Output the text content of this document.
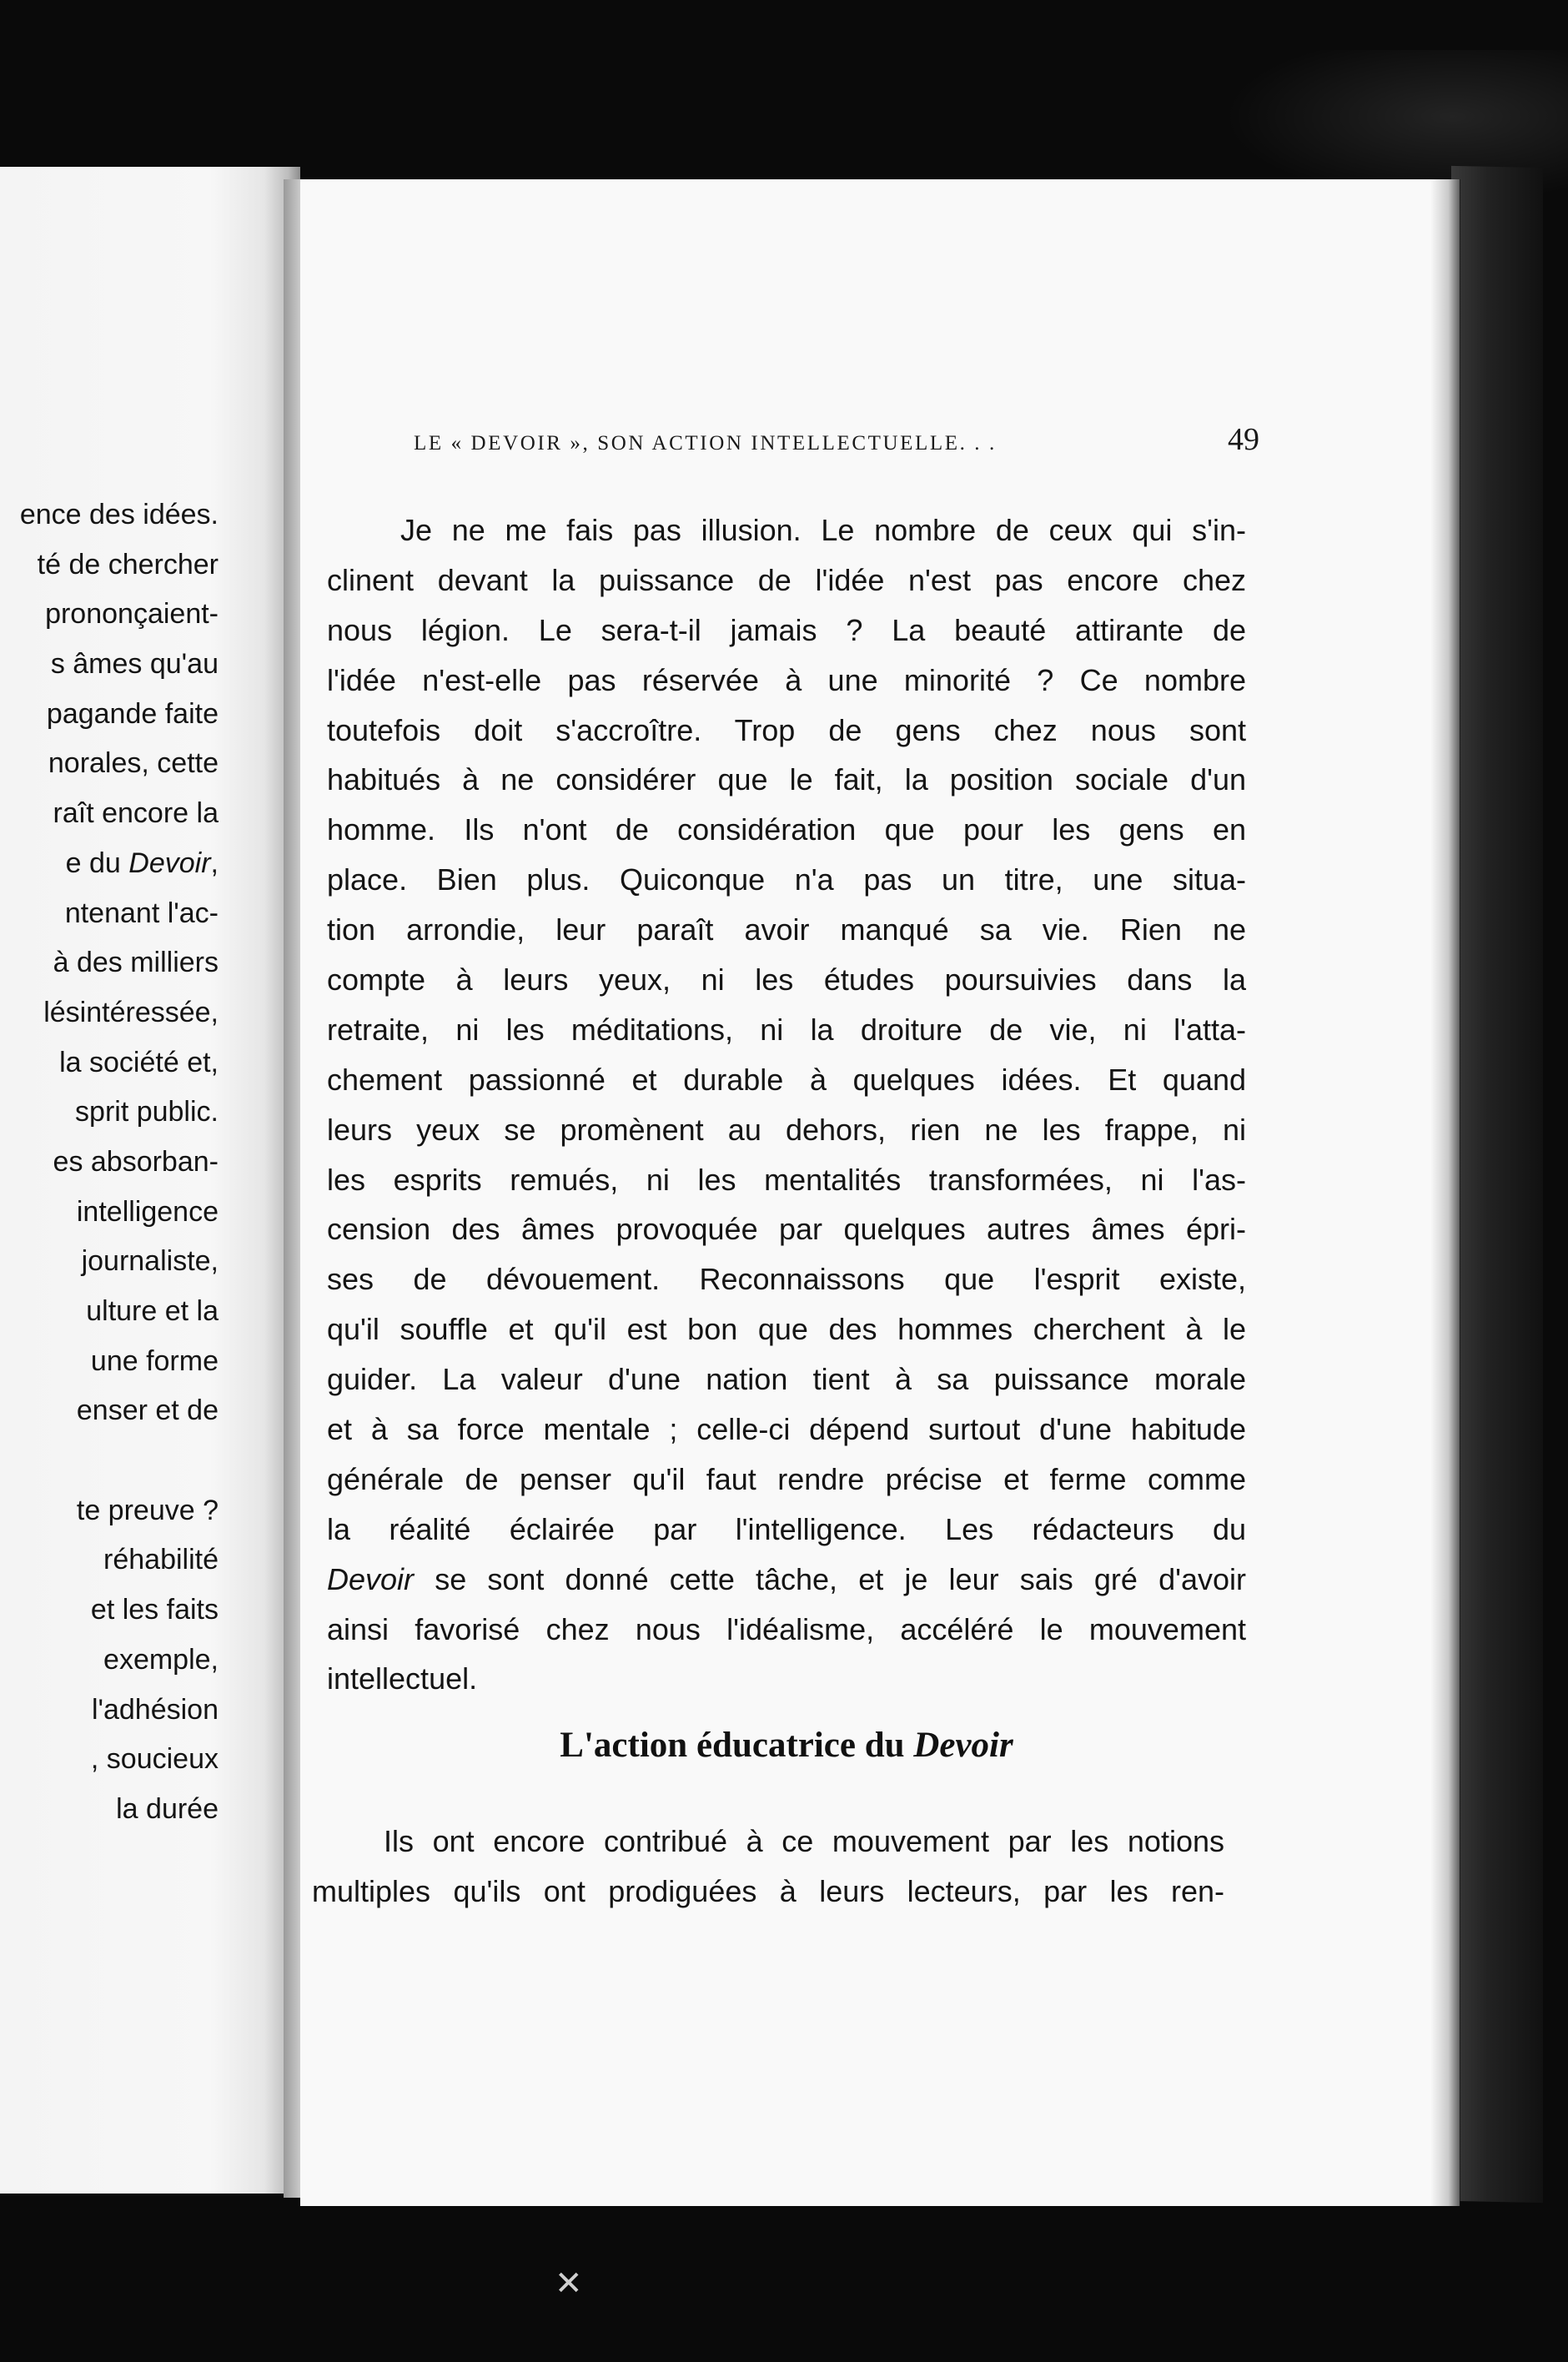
ence des idées.
té de chercher
prononçaient-
s âmes qu'au
pagande faite
norales, cette
raît encore la
e du Devoir,
ntenant l'ac-
à des milliers
lésintéressée,
la société et,
sprit public.
es absorban-
intelligence
journaliste,
ulture et la
une forme
enser et de
te preuve ?
réhabilité
et les faits
exemple,
l'adhésion
, soucieux
la durée
LE « DEVOIR », SON ACTION INTELLECTUELLE. . .	49
Je ne me fais pas illusion. Le nombre de ceux qui s'in-
clinent devant la puissance de l'idée n'est pas encore chez
nous légion. Le sera-t-il jamais ? La beauté attirante de
l'idée n'est-elle pas réservée à une minorité ? Ce nombre
toutefois doit s'accroître. Trop de gens chez nous sont
habitués à ne considérer que le fait, la position sociale d'un
homme. Ils n'ont de considération que pour les gens en
place. Bien plus. Quiconque n'a pas un titre, une situa-
tion arrondie, leur paraît avoir manqué sa vie. Rien ne
compte à leurs yeux, ni les études poursuivies dans la
retraite, ni les méditations, ni la droiture de vie, ni l'atta-
chement passionné et durable à quelques idées. Et quand
leurs yeux se promènent au dehors, rien ne les frappe, ni
les esprits remués, ni les mentalités transformées, ni l'as-
cension des âmes provoquée par quelques autres âmes épri-
ses de dévouement. Reconnaissons que l'esprit existe,
qu'il souffle et qu'il est bon que des hommes cherchent à le
guider. La valeur d'une nation tient à sa puissance morale
et à sa force mentale ; celle-ci dépend surtout d'une habitude
générale de penser qu'il faut rendre précise et ferme comme
la réalité éclairée par l'intelligence. Les rédacteurs du
Devoir se sont donné cette tâche, et je leur sais gré d'avoir
ainsi favorisé chez nous l'idéalisme, accéléré le mouvement
intellectuel.
L'action éducatrice du Devoir
Ils ont encore contribué à ce mouvement par les notions
multiples qu'ils ont prodiguées à leurs lecteurs, par les ren-
✕
